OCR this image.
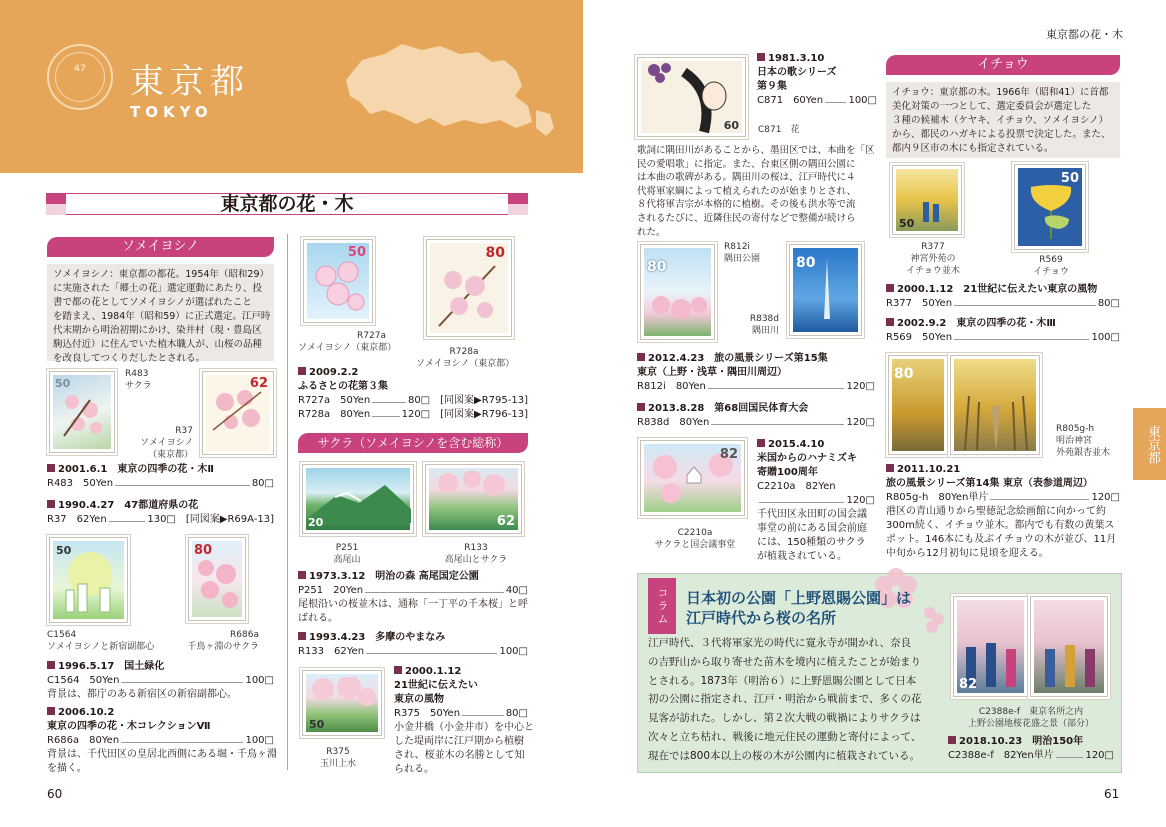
47 東京都
TOKYO
東京都の花・木
東京都
東京都の花・木
ソメイヨシノ
ソメイヨシノ：東京都の都花。1954年（昭和29）
に実施された「郷土の花」選定運動にあたり、投
書で都の花としてソメイヨシノが選ばれたこと
を踏まえ、1984年（昭和59）に正式選定。江戸時
代末期から明治初期にかけ、染井村（現・豊島区
駒込付近）に住んでいた植木職人が、山桜の品種
を改良してつくりだしたとされる。
50
R483
サクラ	62
R37
ソメイヨシノ
（東京都）
2001.6.1　東京の四季の花・木Ⅱ
R483　50Yen	80□
1990.4.27　47都道府県の花
R37　62Yen	130□　[同図案▶R69A-13]
50
C1564
ソメイヨシノと新宿副都心
80
R686a
千鳥ヶ淵のサクラ
1996.5.17　国土緑化
C1564　50Yen	100□
背景は、都庁のある新宿区の新宿副都心。
2006.10.2
東京の四季の花・木コレクションⅦ
R686a　80Yen	100□
背景は、千代田区の皇居北西側にある堀・千鳥ヶ淵
を描く。
50
R727a
ソメイヨシノ（東京都）
80
R728a
ソメイヨシノ（東京都）
2009.2.2
ふるさとの花第３集
R727a　50Yen	80□　[同図案▶R795-13]
R728a　80Yen	120□　[同図案▶R796-13]
サクラ（ソメイヨシノを含む総称）
20
P251
高尾山
62
R133
高尾山とサクラ
1973.3.12　明治の森 高尾国定公園
P251　20Yen	40□
尾根沿いの桜並木は、通称「一丁平の千本桜」と呼
ばれる。
1993.4.23　多摩のやまなみ
R133　62Yen	100□
50
R375
玉川上水
2000.1.12
21世紀に伝えたい
東京の風物
R375　50Yen	80□
小金井橋（小金井市）を中心と
した堤両岸に江戸期から植樹
され、桜並木の名勝として知
られる。
60
60 C871　花
1981.3.10
日本の歌シリーズ
第９集
C871　60Yen	100□
歌詞に隅田川があることから、墨田区では、本曲を「区
民の愛唱歌」に指定。また、台東区側の隅田公園に
は本曲の歌碑がある。隅田川の桜は、江戸時代に４
代将軍家綱によって植えられたのが始まりとされ、
８代将軍吉宗が本格的に植樹。その後も洪水等で流
されるたびに、近隣住民の寄付などで整備が続けら
れた。
80
R812i
隅田公園	80
R838d
隅田川
2012.4.23　旅の風景シリーズ第15集
東京（上野・浅草・隅田川周辺）
R812i　80Yen	120□
2013.8.28　第68回国民体育大会
R838d　80Yen	120□
82
C2210a
サクラと国会議事堂
2015.4.10
米国からのハナミズキ
寄贈100周年
C2210a　82Yen
120□
千代田区永田町の国会議
事堂の前にある国会前庭
には、150種類のサクラ
が植栽されている。
イチョウ
イチョウ：東京都の木。1966年（昭和41）に首都
美化対策の一つとして、選定委員会が選定した
３種の候補木（ケヤキ、イチョウ、ソメイヨシノ）
から、都民のハガキによる投票で決定した。また、
都内９区市の木にも指定されている。
50
R377
神宮外苑の
イチョウ並木
50
R569
イチョウ
2000.1.12　21世紀に伝えたい東京の風物
R377　50Yen	80□
2002.9.2　東京の四季の花・木Ⅲ
R569　50Yen	100□
80
R805g-h
明治神宮
外苑銀杏並木
2011.10.21
旅の風景シリーズ第14集 東京（表参道周辺）
R805g-h　80Yen単片	120□
港区の青山通りから聖徳記念絵画館に向かって約
300m続く、イチョウ並木。都内でも有数の黄葉ス
ポット。146本にも及ぶイチョウの木が並び、11月
中旬から12月初旬に見頃を迎える。
コラム	日本初の公園「上野恩賜公園」は
江戸時代から桜の名所
江戸時代、３代将軍家光の時代に寛永寺が開かれ、奈良
の吉野山から取り寄せた苗木を境内に植えたことが始まり
とされる。1873年（明治６）に上野恩賜公園として日本
初の公園に指定され、江戸・明治から戦前まで、多くの花
見客が訪れた。しかし、第２次大戦の戦禍によりサクラは
次々と立ち枯れ、戦後に地元住民の運動と寄付によって、
現在では800本以上の桜の木が公園内に植栽されている。
82
C2388e-f　東京名所之内
上野公園地桜花盛之景（部分）
2018.10.23　明治150年
C2388e-f　82Yen単片	120□
61
